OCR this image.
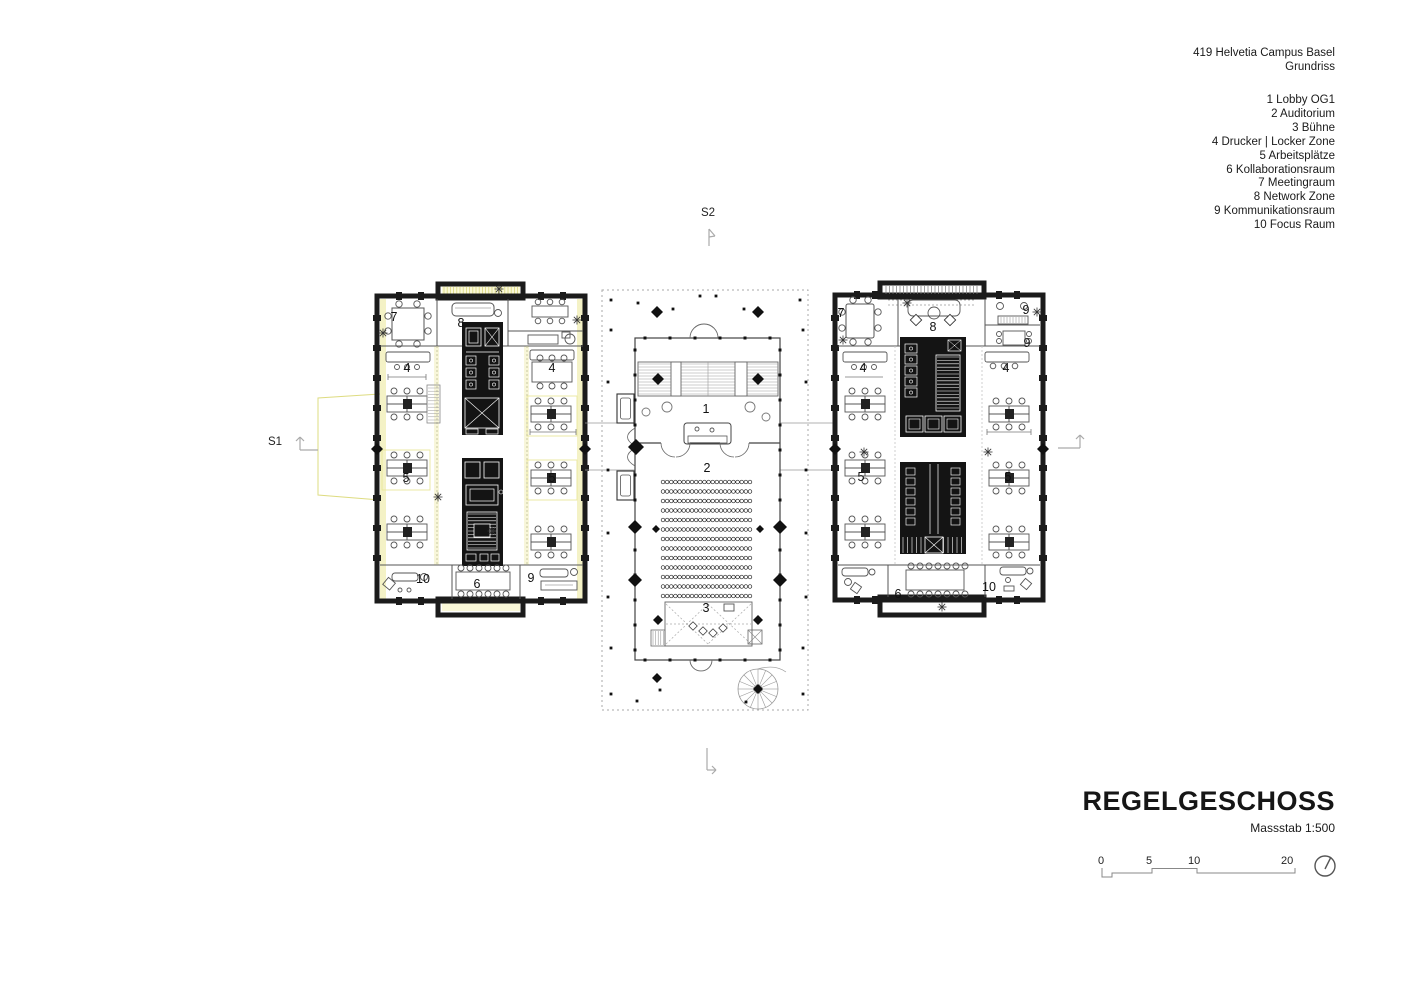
7	8
4	4
5	5
10	6	9
1
2
3
7
8
9
9
4	4
5	5
6	10
419 Helvetia Campus Basel
Grundriss
1 Lobby OG1
2 Auditorium
3 Bühne
4 Drucker | Locker Zone
5 Arbeitsplätze
6 Kollaborationsraum
7 Meetingraum
8 Network Zone
9 Kommunikationsraum
10 Focus Raum
S1
S2
REGELGESCHOSS
Massstab 1:500
0	5	10	20
